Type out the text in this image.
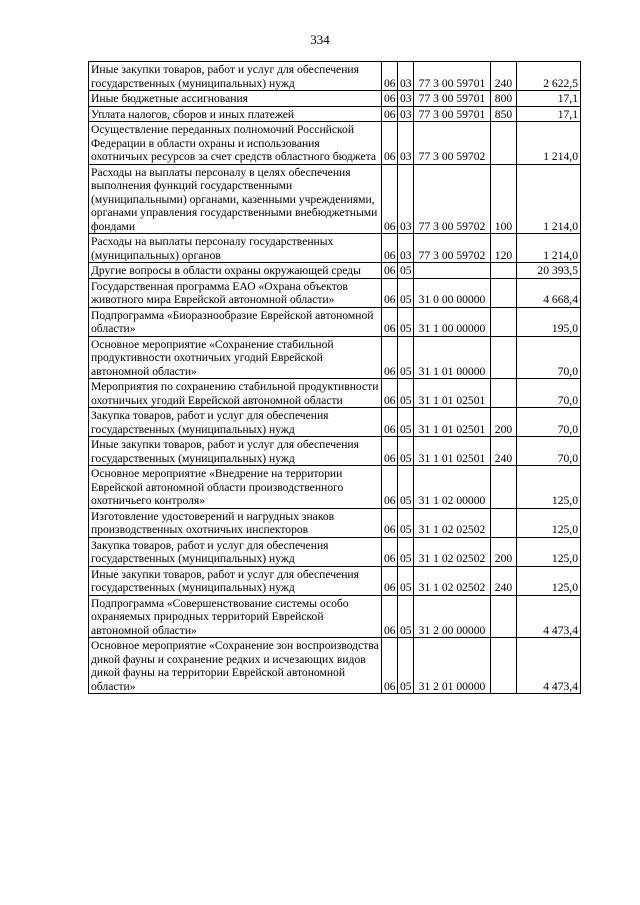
334
Иные закупки товаров, работ и услуг для обеспечения государственных (муниципальных) нужд	06	03	77 3 00 59701	240	2 622,5
Иные бюджетные ассигнования	06	03	77 3 00 59701	800	17,1
Уплата налогов, сборов и иных платежей	06	03	77 3 00 59701	850	17,1
Осуществление переданных полномочий Российской Федерации в области охраны и использования охотничьих ресурсов за счет средств областного бюджета	06	03	77 3 00 59702		1 214,0
Расходы на выплаты персоналу в целях обеспечения выполнения функций государственными (муниципальными) органами, казенными учреждениями, органами управления государственными внебюджетными фондами	06	03	77 3 00 59702	100	1 214,0
Расходы на выплаты персоналу государственных (муниципальных) органов	06	03	77 3 00 59702	120	1 214,0
Другие вопросы в области охраны окружающей среды	06	05			20 393,5
Государственная программа ЕАО «Охрана объектов животного мира Еврейской автономной области»	06	05	31 0 00 00000		4 668,4
Подпрограмма «Биоразнообразие Еврейской автономной области»	06	05	31 1 00 00000		195,0
Основное мероприятие «Сохранение стабильной продуктивности охотничьих угодий Еврейской автономной области»	06	05	31 1 01 00000		70,0
Мероприятия по сохранению стабильной продуктивности охотничьих угодий Еврейской автономной области	06	05	31 1 01 02501		70,0
Закупка товаров, работ и услуг для обеспечения государственных (муниципальных) нужд	06	05	31 1 01 02501	200	70,0
Иные закупки товаров, работ и услуг для обеспечения государственных (муниципальных) нужд	06	05	31 1 01 02501	240	70,0
Основное мероприятие «Внедрение на территории Еврейской автономной области производственного охотничьего контроля»	06	05	31 1 02 00000		125,0
Изготовление удостоверений и нагрудных знаков производственных охотничьих инспекторов	06	05	31 1 02 02502		125,0
Закупка товаров, работ и услуг для обеспечения государственных (муниципальных) нужд	06	05	31 1 02 02502	200	125,0
Иные закупки товаров, работ и услуг для обеспечения государственных (муниципальных) нужд	06	05	31 1 02 02502	240	125,0
Подпрограмма «Совершенствование системы особо охраняемых природных территорий Еврейской автономной области»	06	05	31 2 00 00000		4 473,4
Основное мероприятие «Сохранение зон воспроизводства дикой фауны и сохранение редких и исчезающих видов дикой фауны на территории Еврейской автономной области»	06	05	31 2 01 00000		4 473,4
